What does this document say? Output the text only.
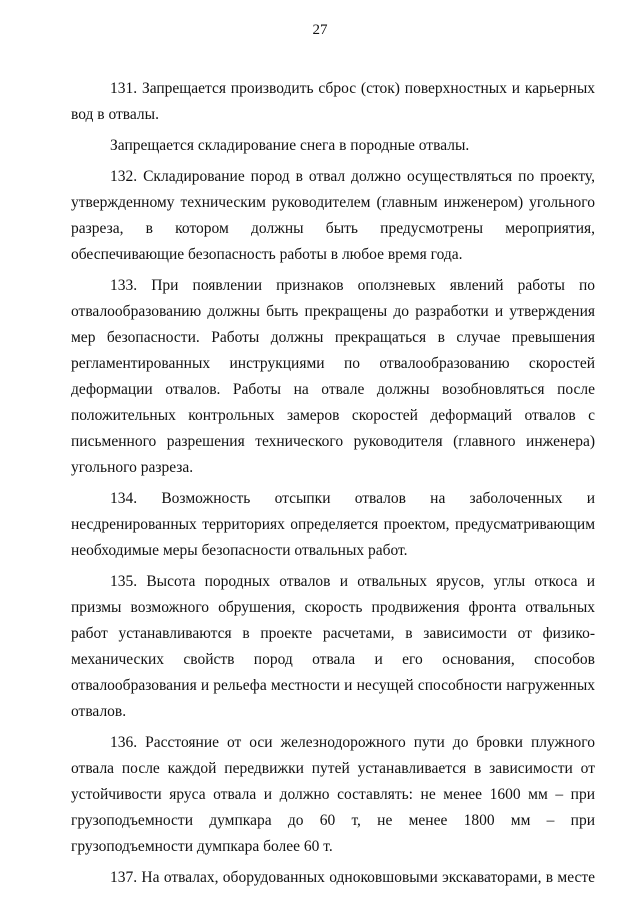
27

131. Запрещается производить сброс (сток) поверхностных и карьерных вод в отвалы.

Запрещается складирование снега в породные отвалы.

132. Складирование пород в отвал должно осуществляться по проекту, утвержденному техническим руководителем (главным инженером) угольного разреза, в котором должны быть предусмотрены мероприятия, обеспечивающие безопасность работы в любое время года.

133. При появлении признаков оползневых явлений работы по отвалообразованию должны быть прекращены до разработки и утверждения мер безопасности. Работы должны прекращаться в случае превышения регламентированных инструкциями по отвалообразованию скоростей деформации отвалов. Работы на отвале должны возобновляться после положительных контрольных замеров скоростей деформаций отвалов с письменного разрешения технического руководителя (главного инженера) угольного разреза.

134. Возможность отсыпки отвалов на заболоченных и несдренированных территориях определяется проектом, предусматривающим необходимые меры безопасности отвальных работ.

135. Высота породных отвалов и отвальных ярусов, углы откоса и призмы возможного обрушения, скорость продвижения фронта отвальных работ устанавливаются в проекте расчетами, в зависимости от физико-механических свойств пород отвала и его основания, способов отвалообразования и рельефа местности и несущей способности нагруженных отвалов.

136. Расстояние от оси железнодорожного пути до бровки плужного отвала после каждой передвижки путей устанавливается в зависимости от устойчивости яруса отвала и должно составлять: не менее 1600 мм – при грузоподъемности думпкара до 60 т, не менее 1800 мм – при грузоподъемности думпкара более 60 т.

137. На отвалах, оборудованных одноковшовыми экскаваторами, в месте
